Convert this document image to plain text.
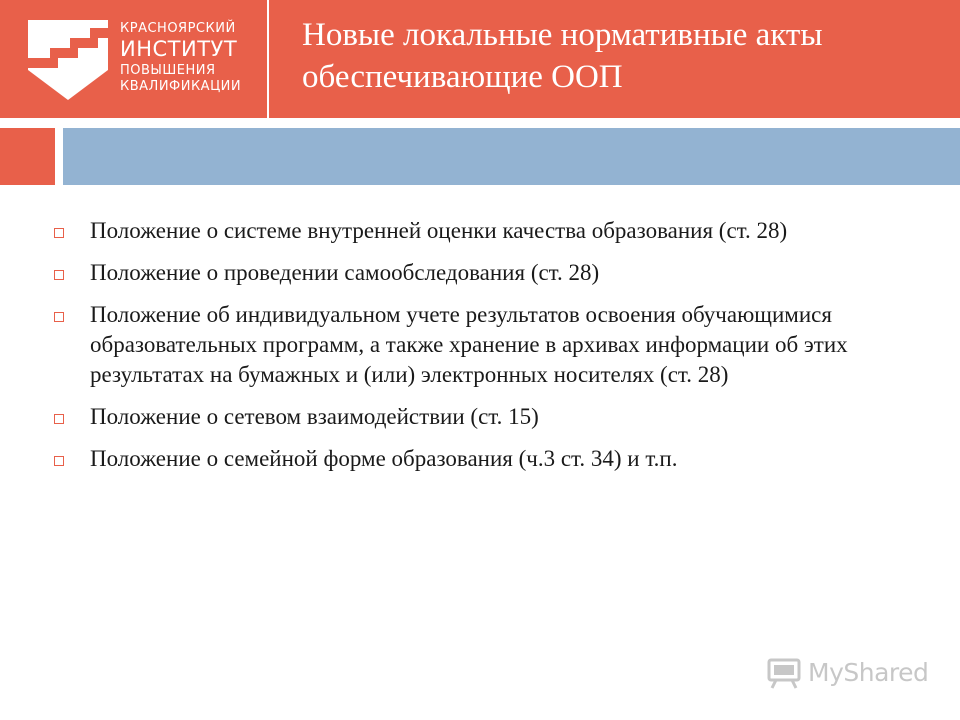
КРАСНОЯРСКИЙ
ИНСТИТУТ
ПОВЫШЕНИЯ
КВАЛИФИКАЦИИ
Новые локальные нормативные акты
обеспечивающие ООП
Положение о системе внутренней оценки качества образования (ст. 28)
Положение о проведении самообследования (ст. 28)
Положение об индивидуальном учете результатов освоения обучающимися образовательных программ, а также хранение в архивах информации об этих результатах на бумажных и (или) электронных носителях (ст. 28)
Положение о сетевом взаимодействии (ст. 15)
Положение о семейной форме образования (ч.3 ст. 34) и т.п.
MyShared
